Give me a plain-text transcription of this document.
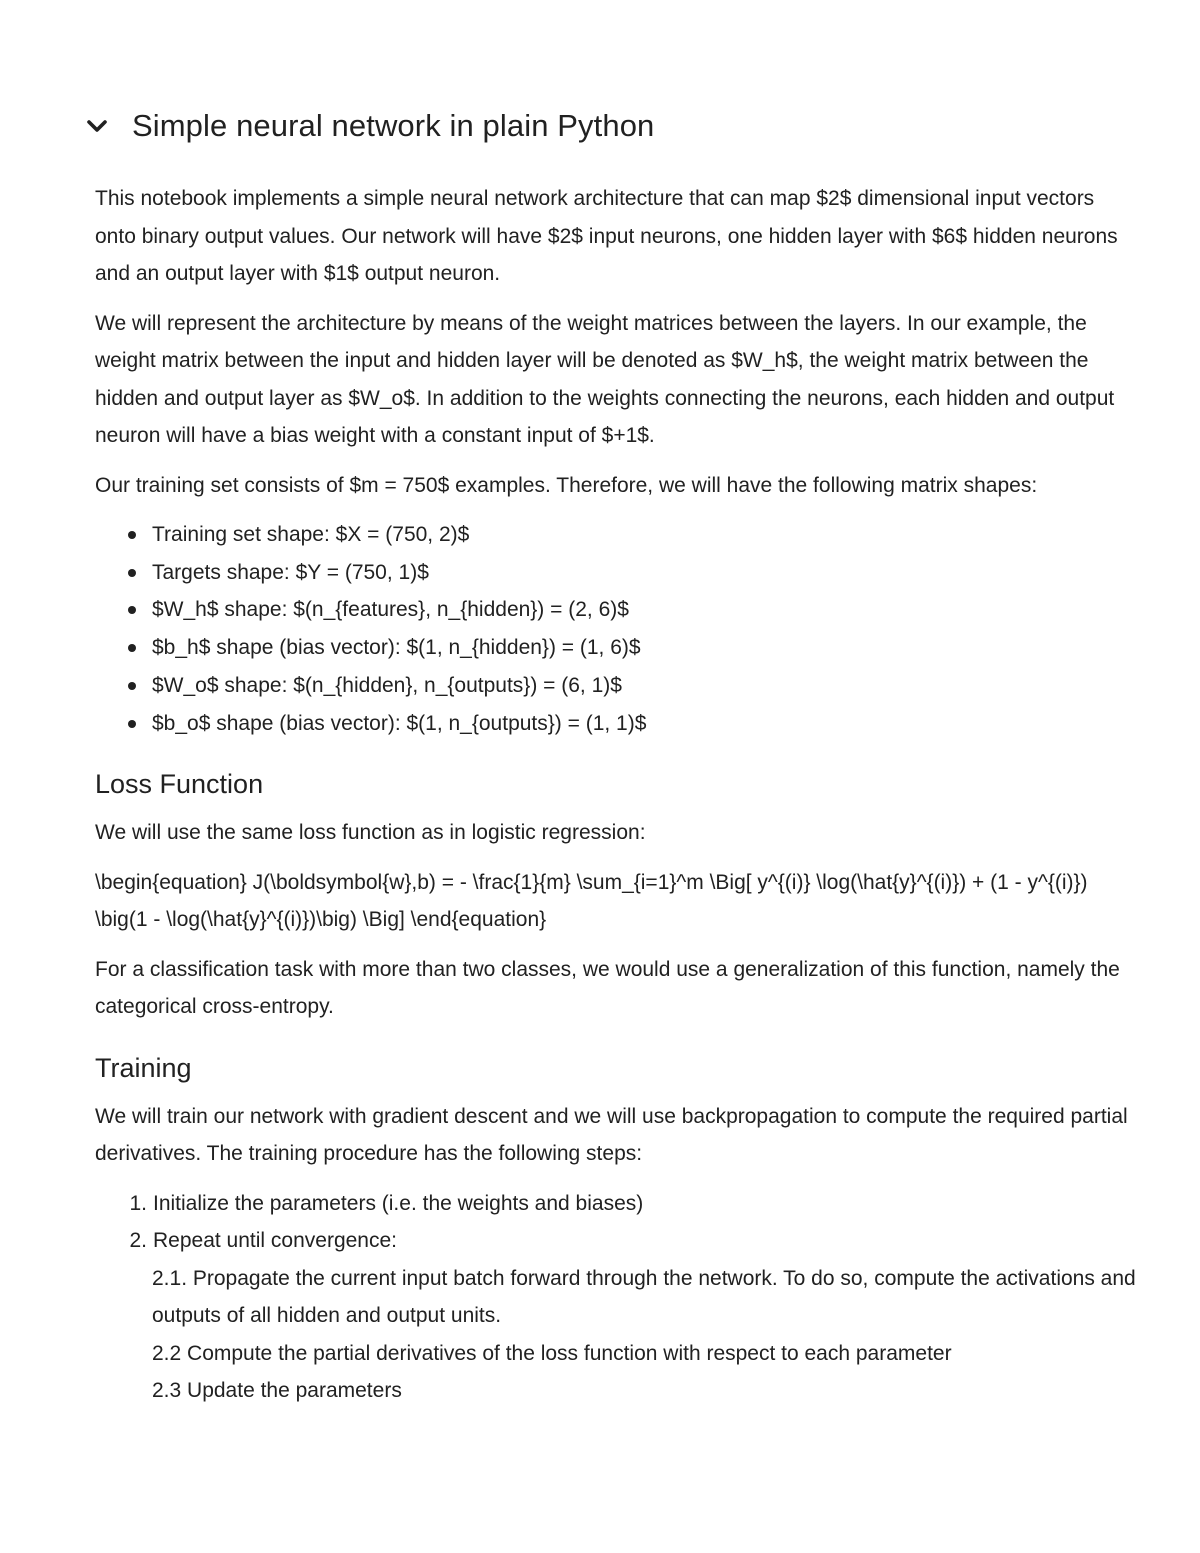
Simple neural network in plain Python

This notebook implements a simple neural network architecture that can map $2$ dimensional input vectors onto binary output values. Our network will have $2$ input neurons, one hidden layer with $6$ hidden neurons and an output layer with $1$ output neuron.

We will represent the architecture by means of the weight matrices between the layers. In our example, the weight matrix between the input and hidden layer will be denoted as $W_h$, the weight matrix between the hidden and output layer as $W_o$. In addition to the weights connecting the neurons, each hidden and output neuron will have a bias weight with a constant input of $+1$.

Our training set consists of $m = 750$ examples. Therefore, we will have the following matrix shapes:

Training set shape: $X = (750, 2)$
Targets shape: $Y = (750, 1)$
$W_h$ shape: $(n_{features}, n_{hidden}) = (2, 6)$
$b_h$ shape (bias vector): $(1, n_{hidden}) = (1, 6)$
$W_o$ shape: $(n_{hidden}, n_{outputs}) = (6, 1)$
$b_o$ shape (bias vector): $(1, n_{outputs}) = (1, 1)$
Loss Function

We will use the same loss function as in logistic regression:

\begin{equation} J(\boldsymbol{w},b) = - \frac{1}{m} \sum_{i=1}^m \Big[ y^{(i)} \log(\hat{y}^{(i)}) + (1 - y^{(i)}) \big(1 - \log(\hat{y}^{(i)})\big) \Big] \end{equation}

For a classification task with more than two classes, we would use a generalization of this function, namely the categorical cross-entropy.

Training

We will train our network with gradient descent and we will use backpropagation to compute the required partial derivatives. The training procedure has the following steps:

1. Initialize the parameters (i.e. the weights and biases)
2. Repeat until convergence:
2.1. Propagate the current input batch forward through the network. To do so, compute the activations and outputs of all hidden and output units.
2.2 Compute the partial derivatives of the loss function with respect to each parameter
2.3 Update the parameters
